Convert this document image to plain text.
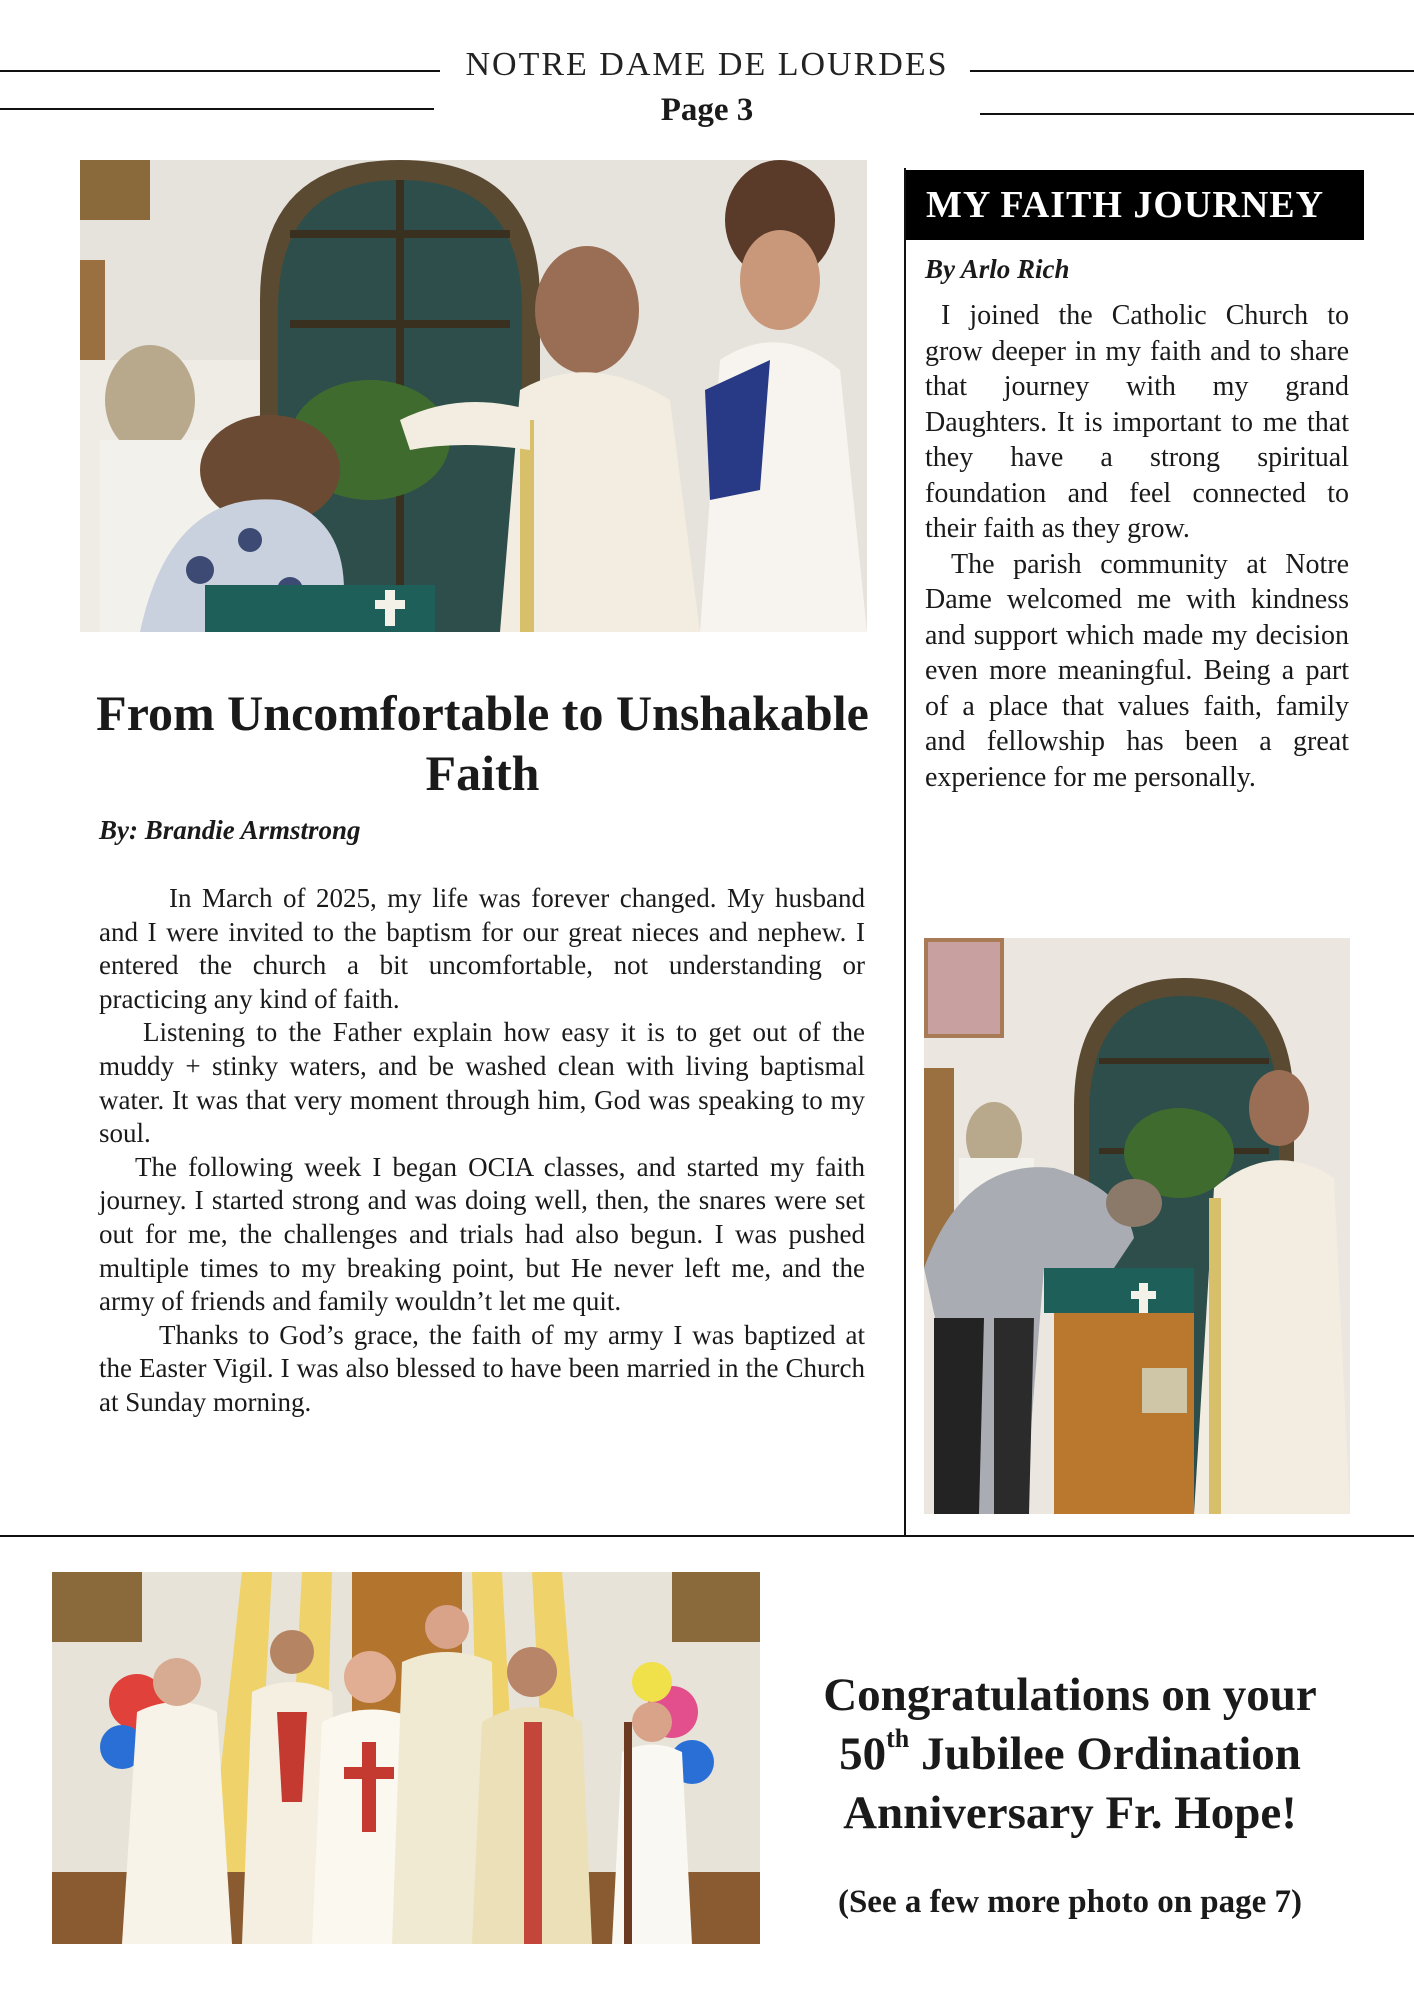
NOTRE DAME DE LOURDES
Page 3
From Uncomfortable to Unshakable Faith
By: Brandie Armstrong

In March of 2025, my life was forever changed. My husband and I were invited to the baptism for our great nieces and nephew. I entered the church a bit uncomfortable, not understanding or practicing any kind of faith.

Listening to the Father explain how easy it is to get out of the muddy + stinky waters, and be washed clean with living baptismal water. It was that very moment through him, God was speaking to my soul.

The following week I began OCIA classes, and started my faith journey. I started strong and was doing well, then, the snares were set out for me, the challenges and trials had also begun. I was pushed multiple times to my breaking point, but He never left me, and the army of friends and family wouldn’t let me quit.

Thanks to God’s grace, the faith of my army I was baptized at the Easter Vigil. I was also blessed to have been married in the Church at Sunday morning.

MY FAITH JOURNEY
By Arlo Rich

I joined the Catholic Church to grow deeper in my faith and to share that journey with my grand Daughters. It is important to me that they have a strong spiritual foundation and feel connected to their faith as they grow.

The parish community at Notre Dame welcomed me with kindness and support which made my decision even more meaningful. Being a part of a place that values faith, family and fellowship has been a great experience for me personally.

Congratulations on your
50th Jubilee Ordination
Anniversary Fr. Hope!
(See a few more photo on page 7)
